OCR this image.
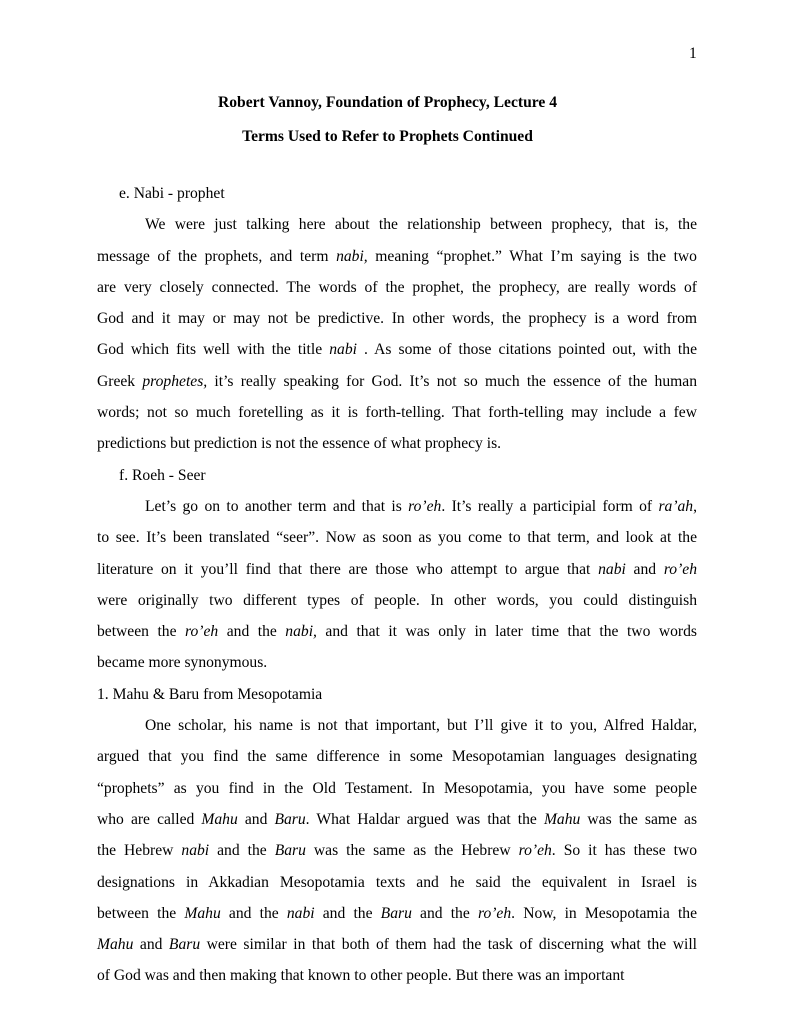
1
Robert Vannoy, Foundation of Prophecy, Lecture 4
Terms Used to Refer to Prophets Continued
e. Nabi - prophet
We were just talking here about the relationship between prophecy, that is, the
message of the prophets, and term nabi, meaning “prophet.” What I’m saying is the two
are very closely connected. The words of the prophet, the prophecy, are really words of
God and it may or may not be predictive. In other words, the prophecy is a word from
God which fits well with the title nabi . As some of those citations pointed out, with the
Greek prophetes, it’s really speaking for God. It’s not so much the essence of the human
words; not so much foretelling as it is forth-telling. That forth-telling may include a few
predictions but prediction is not the essence of what prophecy is.
f. Roeh - Seer
Let’s go on to another term and that is ro’eh. It’s really a participial form of ra’ah,
to see. It’s been translated “seer”. Now as soon as you come to that term, and look at the
literature on it you’ll find that there are those who attempt to argue that nabi and ro’eh
were originally two different types of people. In other words, you could distinguish
between the ro’eh and the nabi, and that it was only in later time that the two words
became more synonymous.
1. Mahu & Baru from Mesopotamia
One scholar, his name is not that important, but I’ll give it to you, Alfred Haldar,
argued that you find the same difference in some Mesopotamian languages designating
“prophets” as you find in the Old Testament. In Mesopotamia, you have some people
who are called Mahu and Baru. What Haldar argued was that the Mahu was the same as
the Hebrew nabi and the Baru was the same as the Hebrew ro’eh. So it has these two
designations in Akkadian Mesopotamia texts and he said the equivalent in Israel is
between the Mahu and the nabi and the Baru and the ro’eh. Now, in Mesopotamia the
Mahu and Baru were similar in that both of them had the task of discerning what the will
of God was and then making that known to other people. But there was an important
